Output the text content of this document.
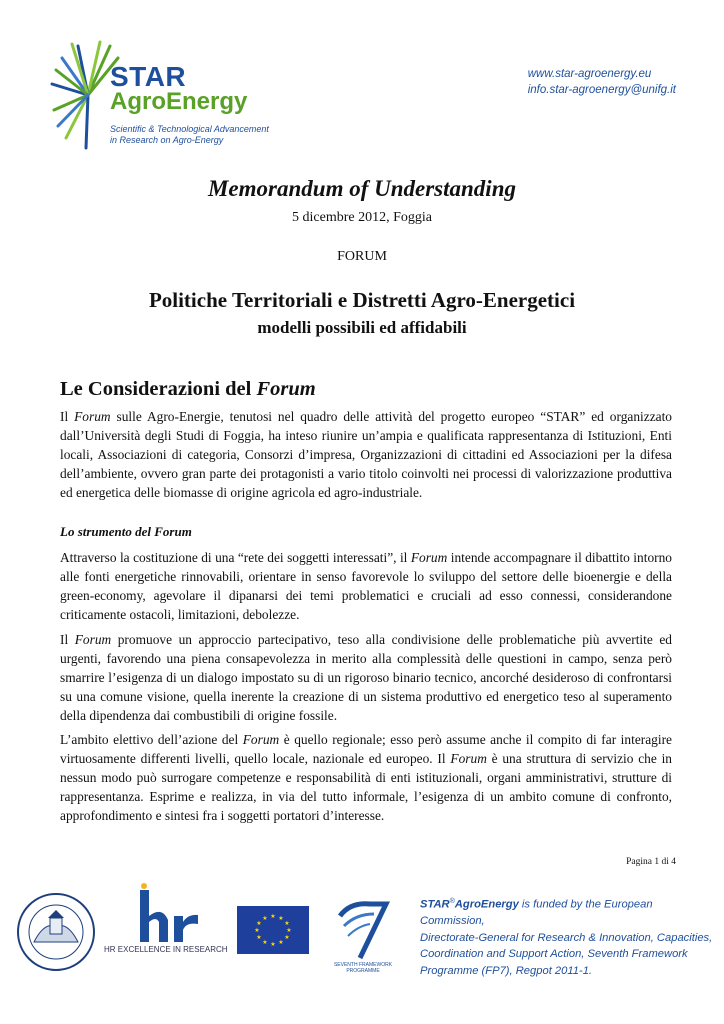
STAR
AgroEnergy
Scientific & Technological Advancement
in Research on Agro-Energy
www.star-agroenergy.eu
info.star-agroenergy@unifg.it
Memorandum of Understanding
5 dicembre 2012, Foggia
FORUM
Politiche Territoriali e Distretti Agro-Energetici
modelli possibili ed affidabili
Le Considerazioni del Forum
Il Forum sulle Agro-Energie, tenutosi nel quadro delle attività del progetto europeo “STAR” ed organizzato dall’Università degli Studi di Foggia, ha inteso riunire un’ampia e qualificata rappresentanza di Istituzioni, Enti locali, Associazioni di categoria, Consorzi d’impresa, Organizzazioni di cittadini ed Associazioni per la difesa dell’ambiente, ovvero gran parte dei protagonisti a vario titolo coinvolti nei processi di valorizzazione produttiva ed energetica delle biomasse di origine agricola ed agro-industriale.
Lo strumento del Forum
Attraverso la costituzione di una “rete dei soggetti interessati”, il Forum intende accompagnare il dibattito intorno alle fonti energetiche rinnovabili, orientare in senso favorevole lo sviluppo del settore delle bioenergie e della green-economy, agevolare il dipanarsi dei temi problematici e cruciali ad esso connessi, considerandone criticamente ostacoli, limitazioni, debolezze.
Il Forum promuove un approccio partecipativo, teso alla condivisione delle problematiche più avvertite ed urgenti, favorendo una piena consapevolezza in merito alla complessità delle questioni in campo, senza però smarrire l’esigenza di un dialogo impostato su di un rigoroso binario tecnico, ancorché desideroso di confrontarsi su una comune visione, quella inerente la creazione di un sistema produttivo ed energetico teso al superamento della dipendenza dai combustibili di origine fossile.
L’ambito elettivo dell’azione del Forum è quello regionale; esso però assume anche il compito di far interagire virtuosamente differenti livelli, quello locale, nazionale ed europeo. Il Forum è una struttura di servizio che in nessun modo può surrogare competenze e responsabilità di enti istituzionali, organi amministrativi, strutture di rappresentanza. Esprime e realizza, in via del tutto informale, l’esigenza di un ambito comune di confronto, approfondimento e sintesi fra i soggetti portatori d’interesse.
Pagina 1 di 4
HR EXCELLENCE IN RESEARCH
★ ★
★
★
★
★
★
★
★
★
★
★
SEVENTH FRAMEWORK
PROGRAMME
STAR®AgroEnergy is funded by the European Commission,
Directorate-General for Research & Innovation, Capacities,
Coordination and Support Action, Seventh Framework
Programme (FP7), Regpot 2011-1.
